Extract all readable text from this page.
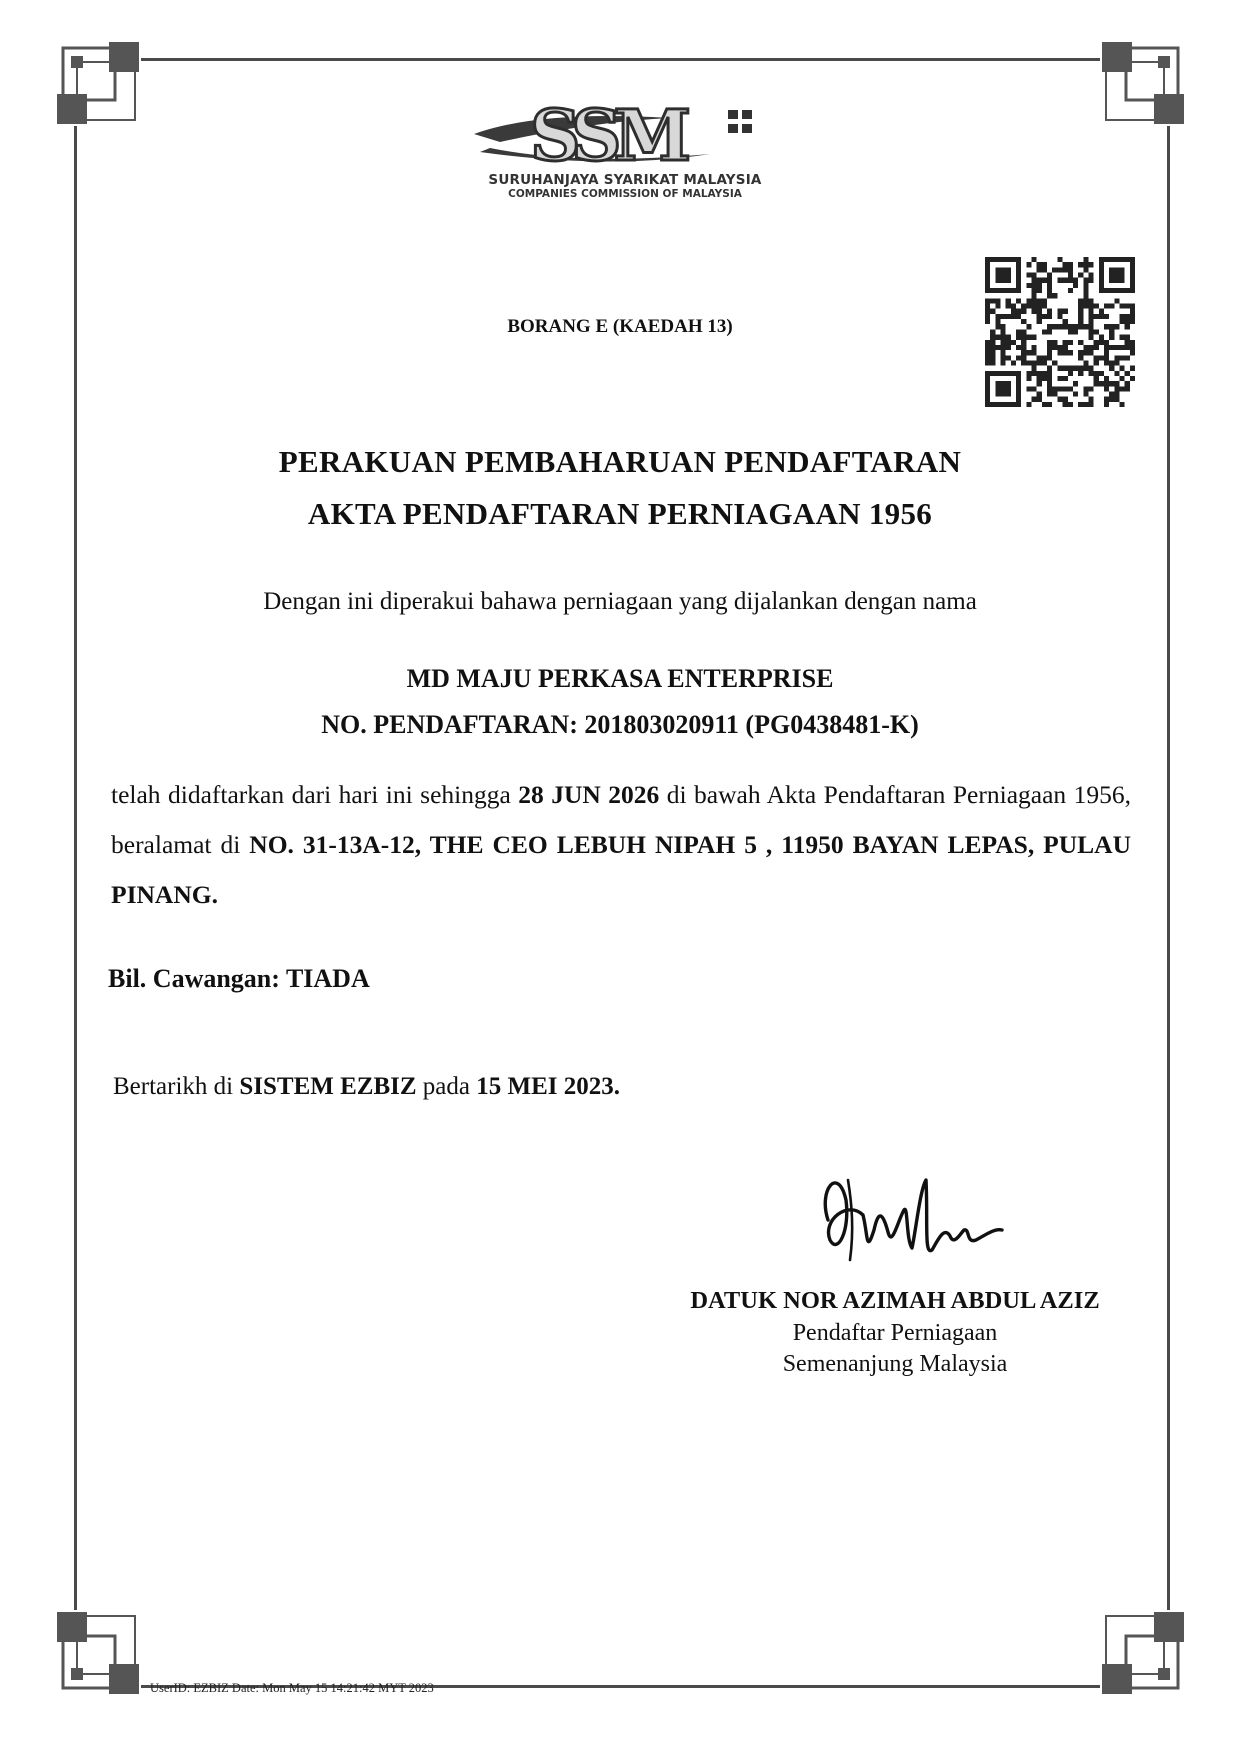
SSM
SURUHANJAYA SYARIKAT MALAYSIA
COMPANIES COMMISSION OF MALAYSIA
BORANG E (KAEDAH 13)
PERAKUAN PEMBAHARUAN PENDAFTARAN
AKTA PENDAFTARAN PERNIAGAAN 1956
Dengan ini diperakui bahawa perniagaan yang dijalankan dengan nama
MD MAJU PERKASA ENTERPRISE
NO. PENDAFTARAN: 201803020911 (PG0438481-K)
telah didaftarkan dari hari ini sehingga 28 JUN 2026 di bawah Akta Pendaftaran Perniagaan 1956, beralamat di NO. 31-13A-12, THE CEO LEBUH NIPAH 5 , 11950 BAYAN LEPAS, PULAU PINANG.
Bil. Cawangan: TIADA
Bertarikh di SISTEM EZBIZ pada 15 MEI 2023.
DATUK NOR AZIMAH ABDUL AZIZ
Pendaftar Perniagaan
Semenanjung Malaysia
UserID: EZBIZ Date: Mon May 15 14:21:42 MYT 2023
